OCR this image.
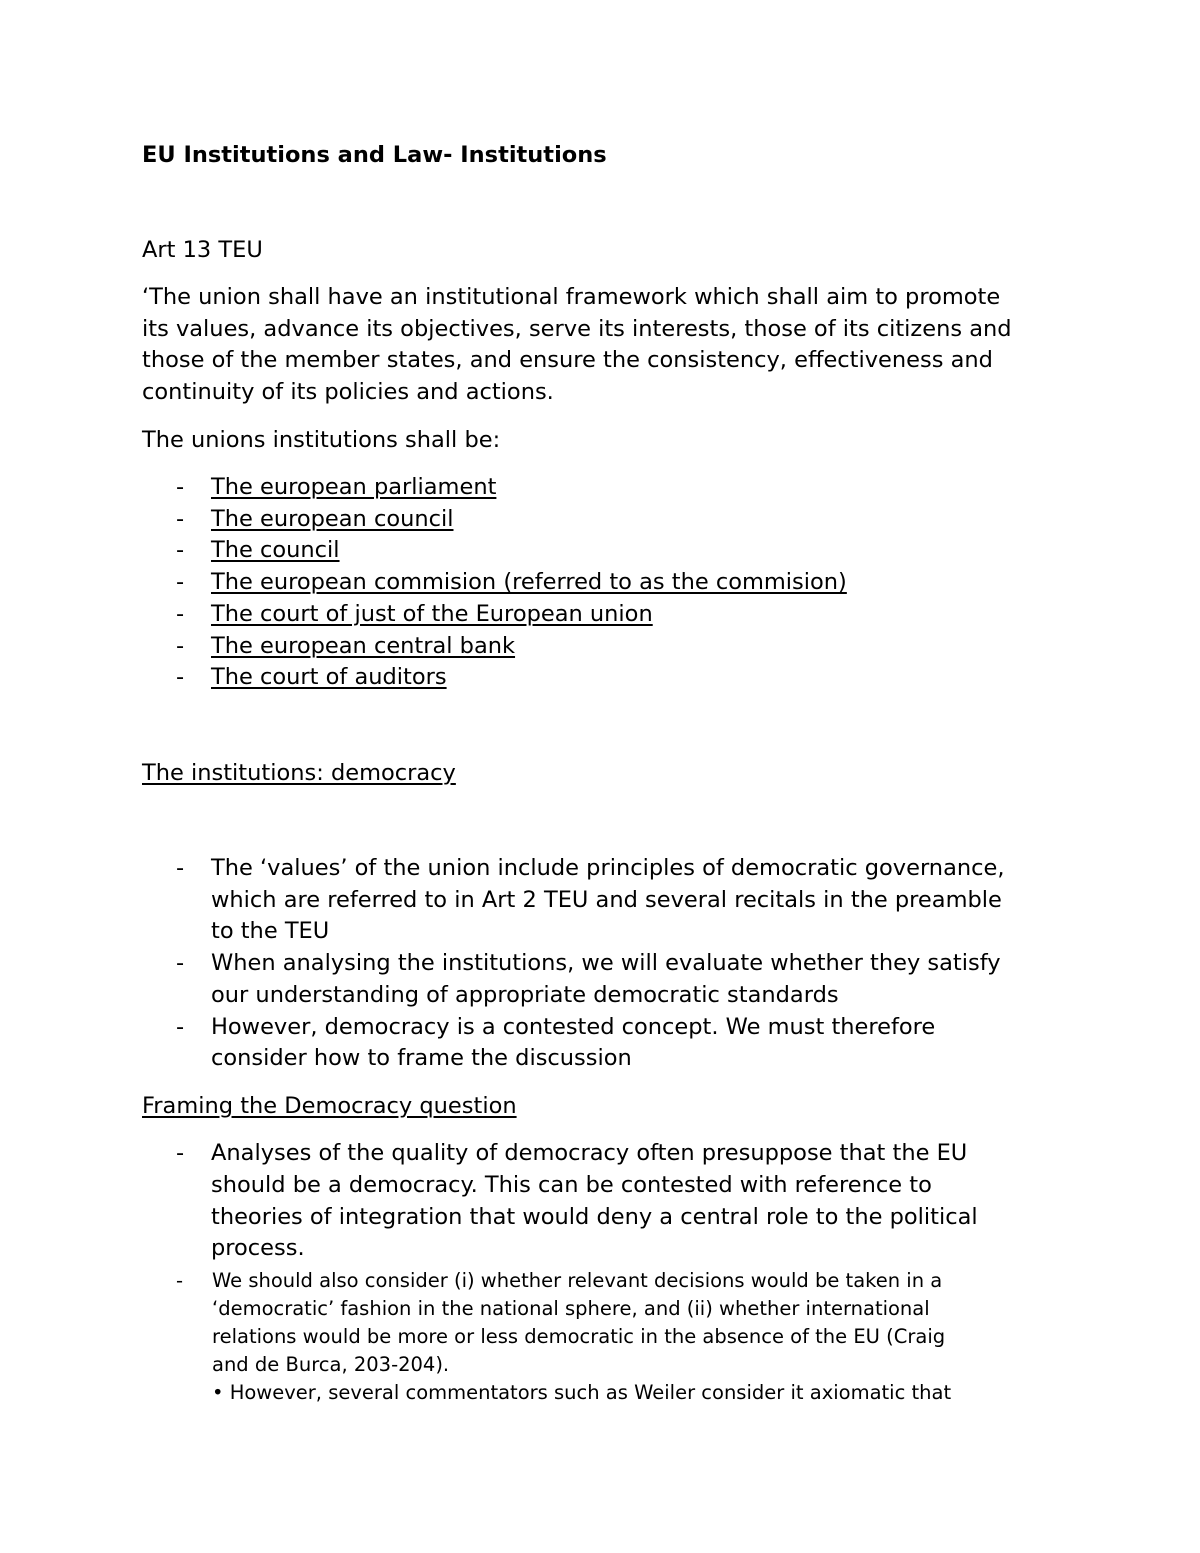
EU Institutions and Law- Institutions
Art 13 TEU
‘The union shall have an institutional framework which shall aim to promote
its values, advance its objectives, serve its interests, those of its citizens and
those of the member states, and ensure the consistency, effectiveness and
continuity of its policies and actions.
The unions institutions shall be:
- The european parliament
- The european council
- The council
- The european commision (referred to as the commision)
- The court of just of the European union
- The european central bank
- The court of auditors
The institutions: democracy
- The ‘values’ of the union include principles of democratic governance,
which are referred to in Art 2 TEU and several recitals in the preamble
to the TEU
- When analysing the institutions, we will evaluate whether they satisfy
our understanding of appropriate democratic standards
- However, democracy is a contested concept. We must therefore
consider how to frame the discussion
Framing the Democracy question
- Analyses of the quality of democracy often presuppose that the EU
should be a democracy. This can be contested with reference to
theories of integration that would deny a central role to the political
process.
- We should also consider (i) whether relevant decisions would be taken in a
‘democratic’ fashion in the national sphere, and (ii) whether international
relations would be more or less democratic in the absence of the EU (Craig
and de Burca, 203-204).
• However, several commentators such as Weiler consider it axiomatic that
